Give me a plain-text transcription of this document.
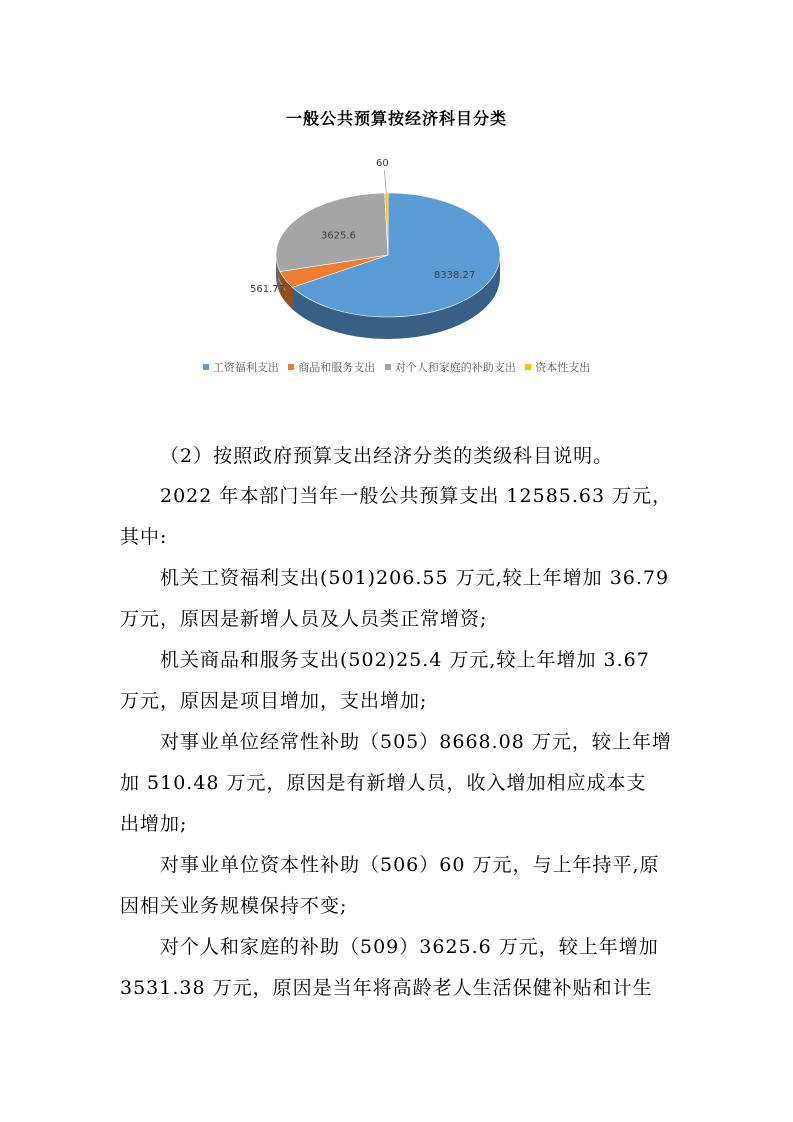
一般公共预算按经济科目分类
8338.27
3625.6
561.77
60
工资福利支出 商品和服务支出 对个人和家庭的补助支出 资本性支出
（2）按照政府预算支出经济分类的类级科目说明。
2022 年本部门当年一般公共预算支出 12585.63 万元，
其中:
机关工资福利支出(501)206.55 万元,较上年增加 36.79
万元，原因是新增人员及人员类正常增资;
机关商品和服务支出(502)25.4 万元,较上年增加 3.67
万元，原因是项目增加，支出增加;
对事业单位经常性补助（505）8668.08 万元，较上年增
加 510.48 万元，原因是有新增人员，收入增加相应成本支
出增加;
对事业单位资本性补助（506）60 万元，与上年持平,原
因相关业务规模保持不变;
对个人和家庭的补助（509）3625.6 万元，较上年增加
3531.38 万元，原因是当年将高龄老人生活保健补贴和计生
